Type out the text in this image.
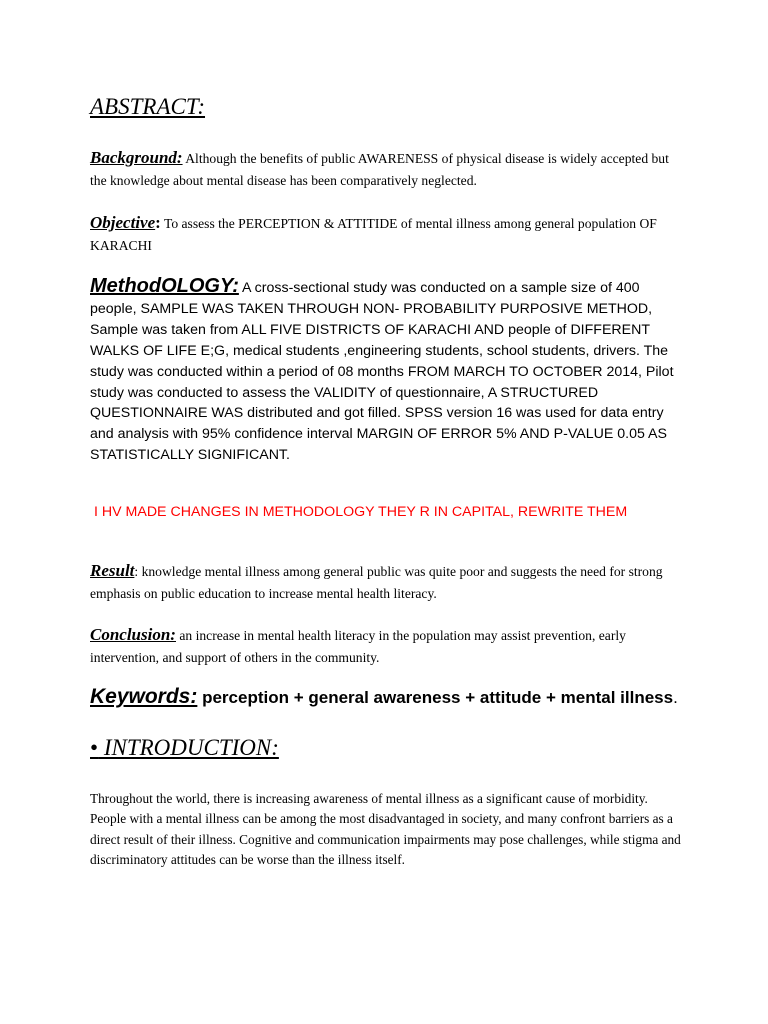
ABSTRACT:
Background: Although the benefits of public AWARENESS of physical disease is widely accepted but the knowledge about mental disease has been comparatively neglected.
Objective: To assess the PERCEPTION & ATTITIDE of mental illness among general population OF KARACHI
MethodOLOGY: A cross-sectional study was conducted on a sample size of 400 people, SAMPLE WAS TAKEN THROUGH NON- PROBABILITY PURPOSIVE METHOD, Sample was taken from ALL FIVE DISTRICTS OF KARACHI AND people of DIFFERENT WALKS OF LIFE E;G, medical students ,engineering students, school students, drivers. The study was conducted within a period of 08 months FROM MARCH TO OCTOBER 2014, Pilot study was conducted to assess the VALIDITY of questionnaire, A STRUCTURED QUESTIONNAIRE WAS distributed and got filled. SPSS version 16 was used for data entry and analysis with 95% confidence interval MARGIN OF ERROR 5% AND P-VALUE 0.05 AS STATISTICALLY SIGNIFICANT.
I HV MADE CHANGES IN METHODOLOGY THEY R IN CAPITAL, REWRITE THEM
Result: knowledge mental illness among general public was quite poor and suggests the need for strong emphasis on public education to increase mental health literacy.
Conclusion: an increase in mental health literacy in the population may assist prevention, early intervention, and support of others in the community.
Keywords: perception + general awareness + attitude + mental illness.
• INTRODUCTION:
Throughout the world, there is increasing awareness of mental illness as a significant cause of morbidity. People with a mental illness can be among the most disadvantaged in society, and many confront barriers as a direct result of their illness. Cognitive and communication impairments may pose challenges, while stigma and discriminatory attitudes can be worse than the illness itself.
